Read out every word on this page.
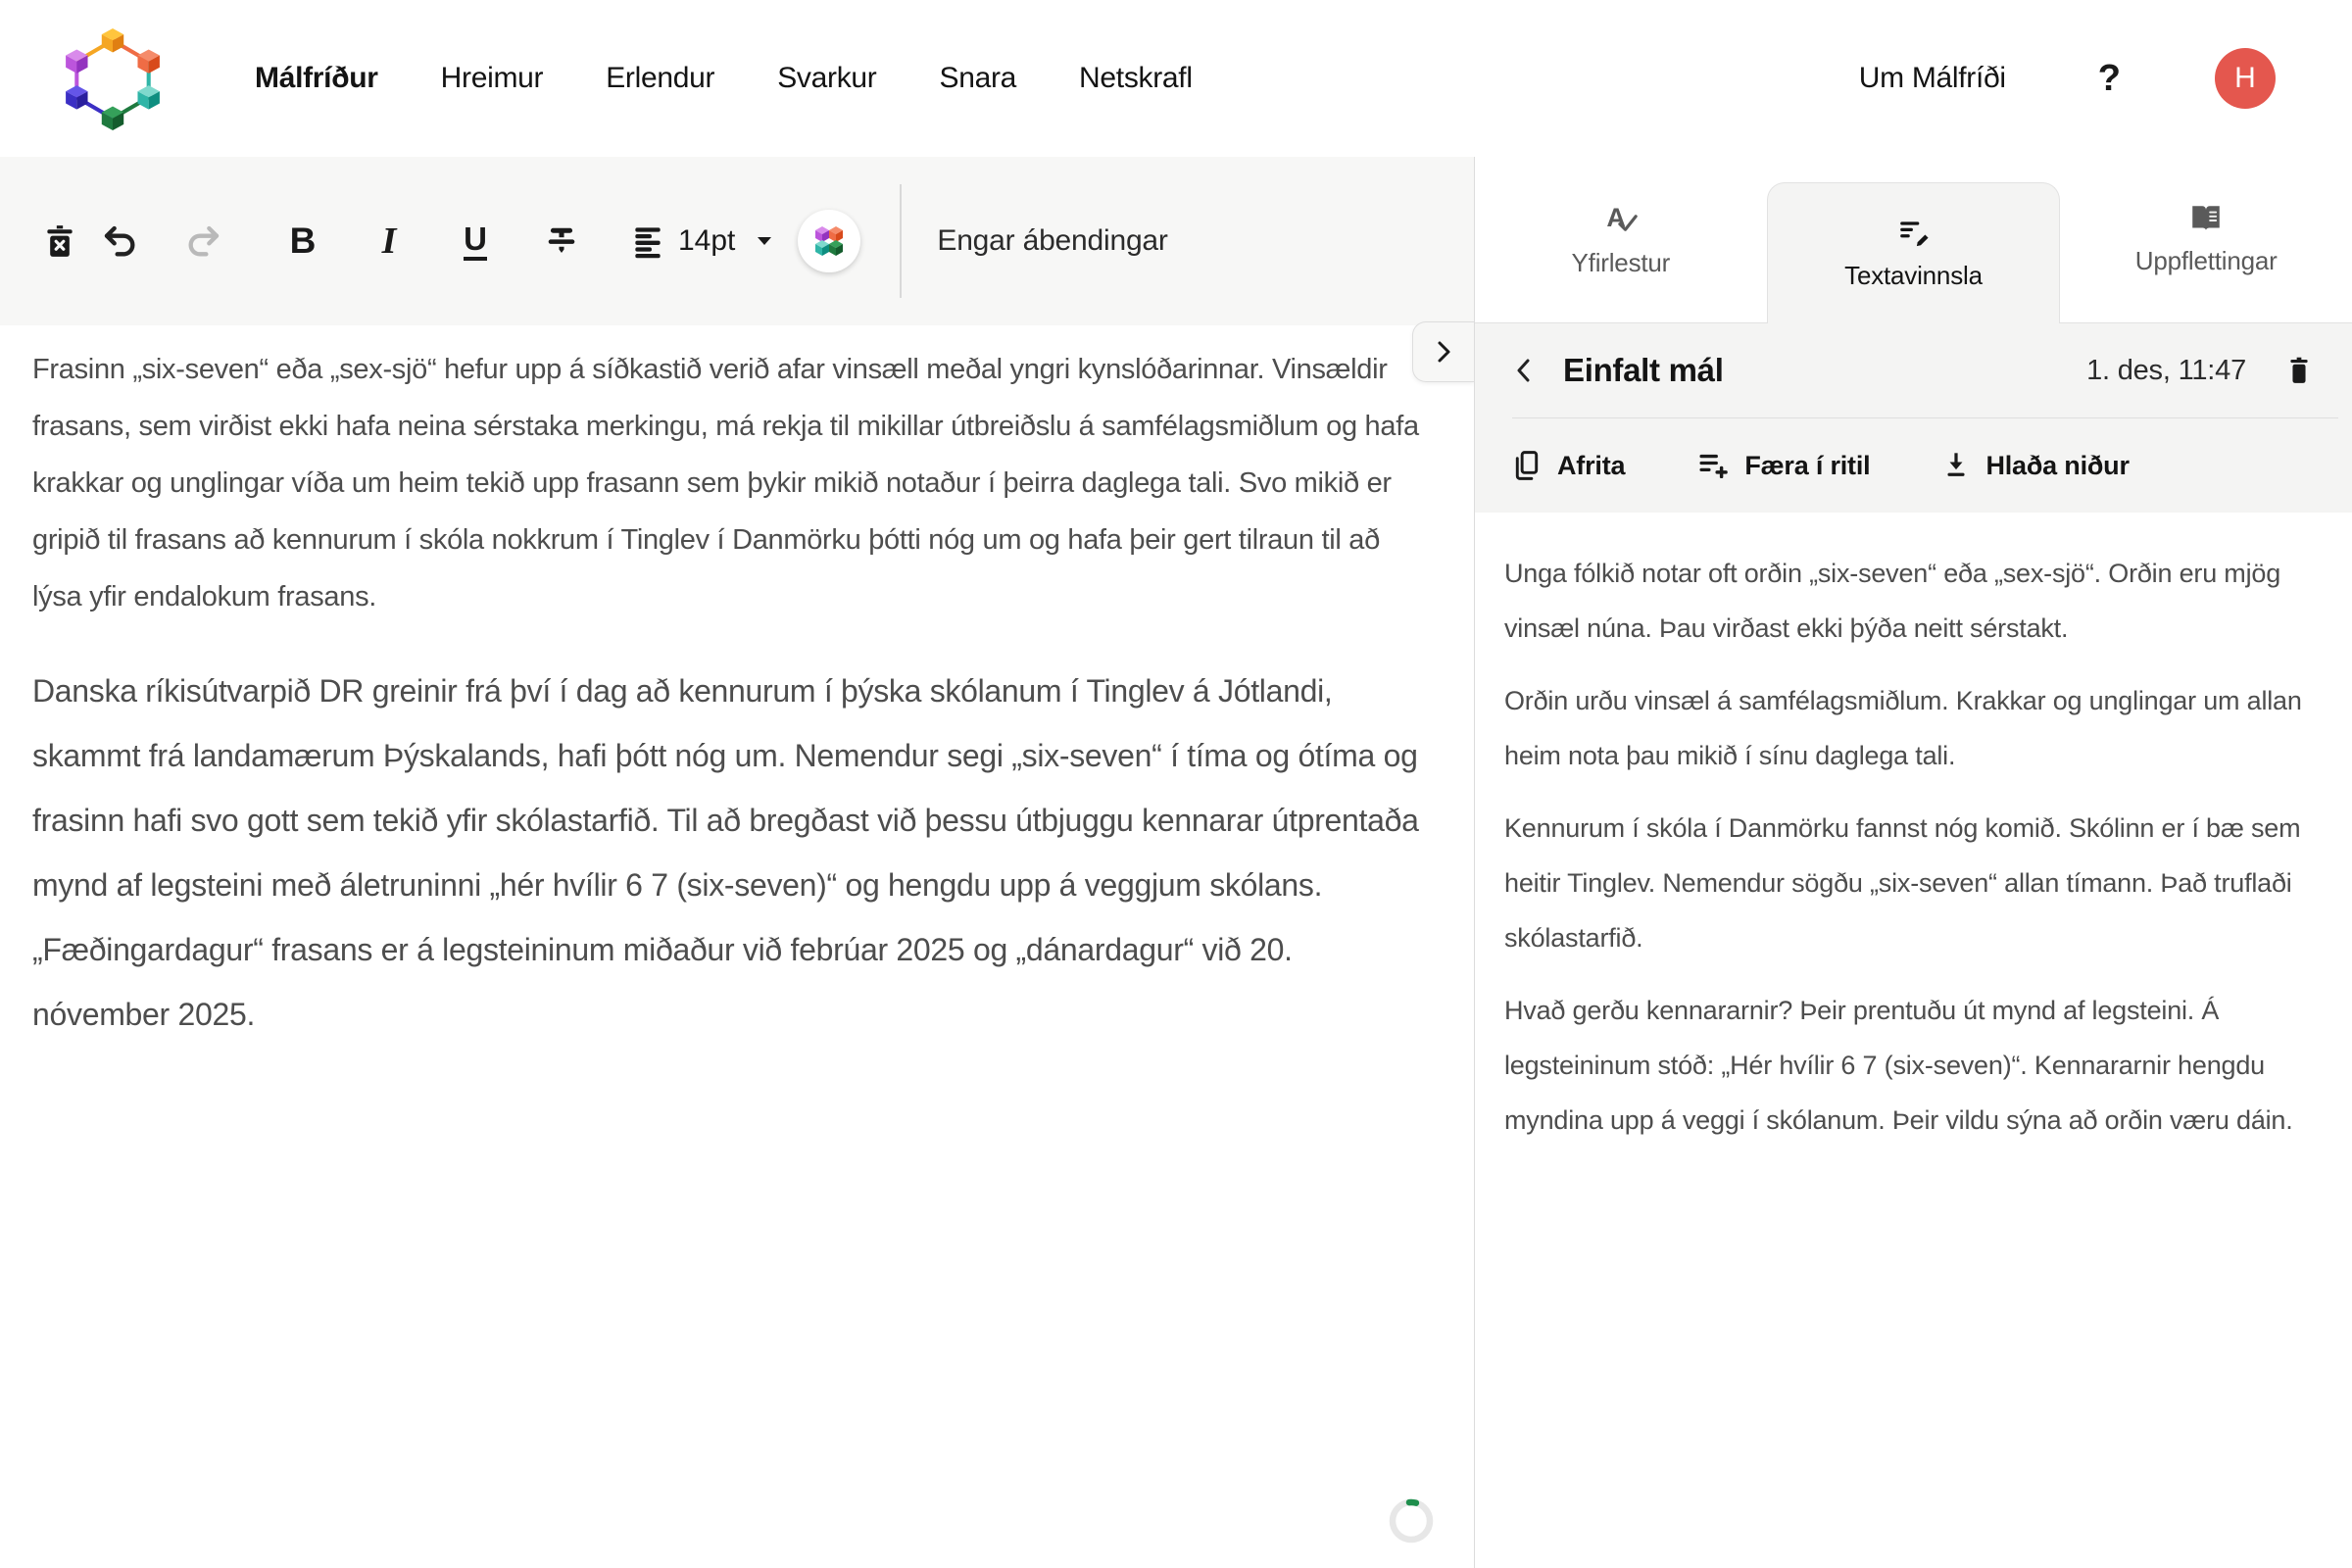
Málfríður Hreimur Erlendur Svarkur Snara Netskrafl	Um Málfríði ?	H
B I U	14pt	Engar ábendingar

Frasinn „six-seven“ eða „sex-sjö“ hefur upp á síðkastið verið afar vinsæll meðal yngri kynslóðarinnar. Vinsældir frasans, sem virðist ekki hafa neina sérstaka merkingu, má rekja til mikillar útbreiðslu á samfélagsmiðlum og hafa krakkar og unglingar víða um heim tekið upp frasann sem þykir mikið notaður í þeirra daglega tali. Svo mikið er gripið til frasans að kennurum í skóla nokkrum í Tinglev í Danmörku þótti nóg um og hafa þeir gert tilraun til að lýsa yfir endalokum frasans.

Danska ríkisútvarpið DR greinir frá því í dag að kennurum í þýska skólanum í Tinglev á Jótlandi, skammt frá landamærum Þýskalands, hafi þótt nóg um. Nemendur segi „six-seven“ í tíma og ótíma og frasinn hafi svo gott sem tekið yfir skólastarfið. Til að bregðast við þessu útbjuggu kennarar útprentaða mynd af legsteini með áletruninni „hér hvílir 6 7 (six-seven)“ og hengdu upp á veggjum skólans. „Fæðingardagur“ frasans er á legsteininum miðaður við febrúar 2025 og „dánardagur“ við 20. nóvember 2025.

A
Yfirlestur	Textavinnsla	Uppflettingar
Einfalt mál	1. des, 11:47
Afrita	Færa í ritil	Hlaða niður

Unga fólkið notar oft orðin „six-seven“ eða „sex-sjö“. Orðin eru mjög vinsæl núna. Þau virðast ekki þýða neitt sérstakt.

Orðin urðu vinsæl á samfélagsmiðlum. Krakkar og unglingar um allan heim nota þau mikið í sínu daglega tali.

Kennurum í skóla í Danmörku fannst nóg komið. Skólinn er í bæ sem heitir Tinglev. Nemendur sögðu „six-seven“ allan tímann. Það truflaði skólastarfið.

Hvað gerðu kennararnir? Þeir prentuðu út mynd af legsteini. Á legsteininum stóð: „Hér hvílir 6 7 (six-seven)“. Kennararnir hengdu myndina upp á veggi í skólanum. Þeir vildu sýna að orðin væru dáin.
